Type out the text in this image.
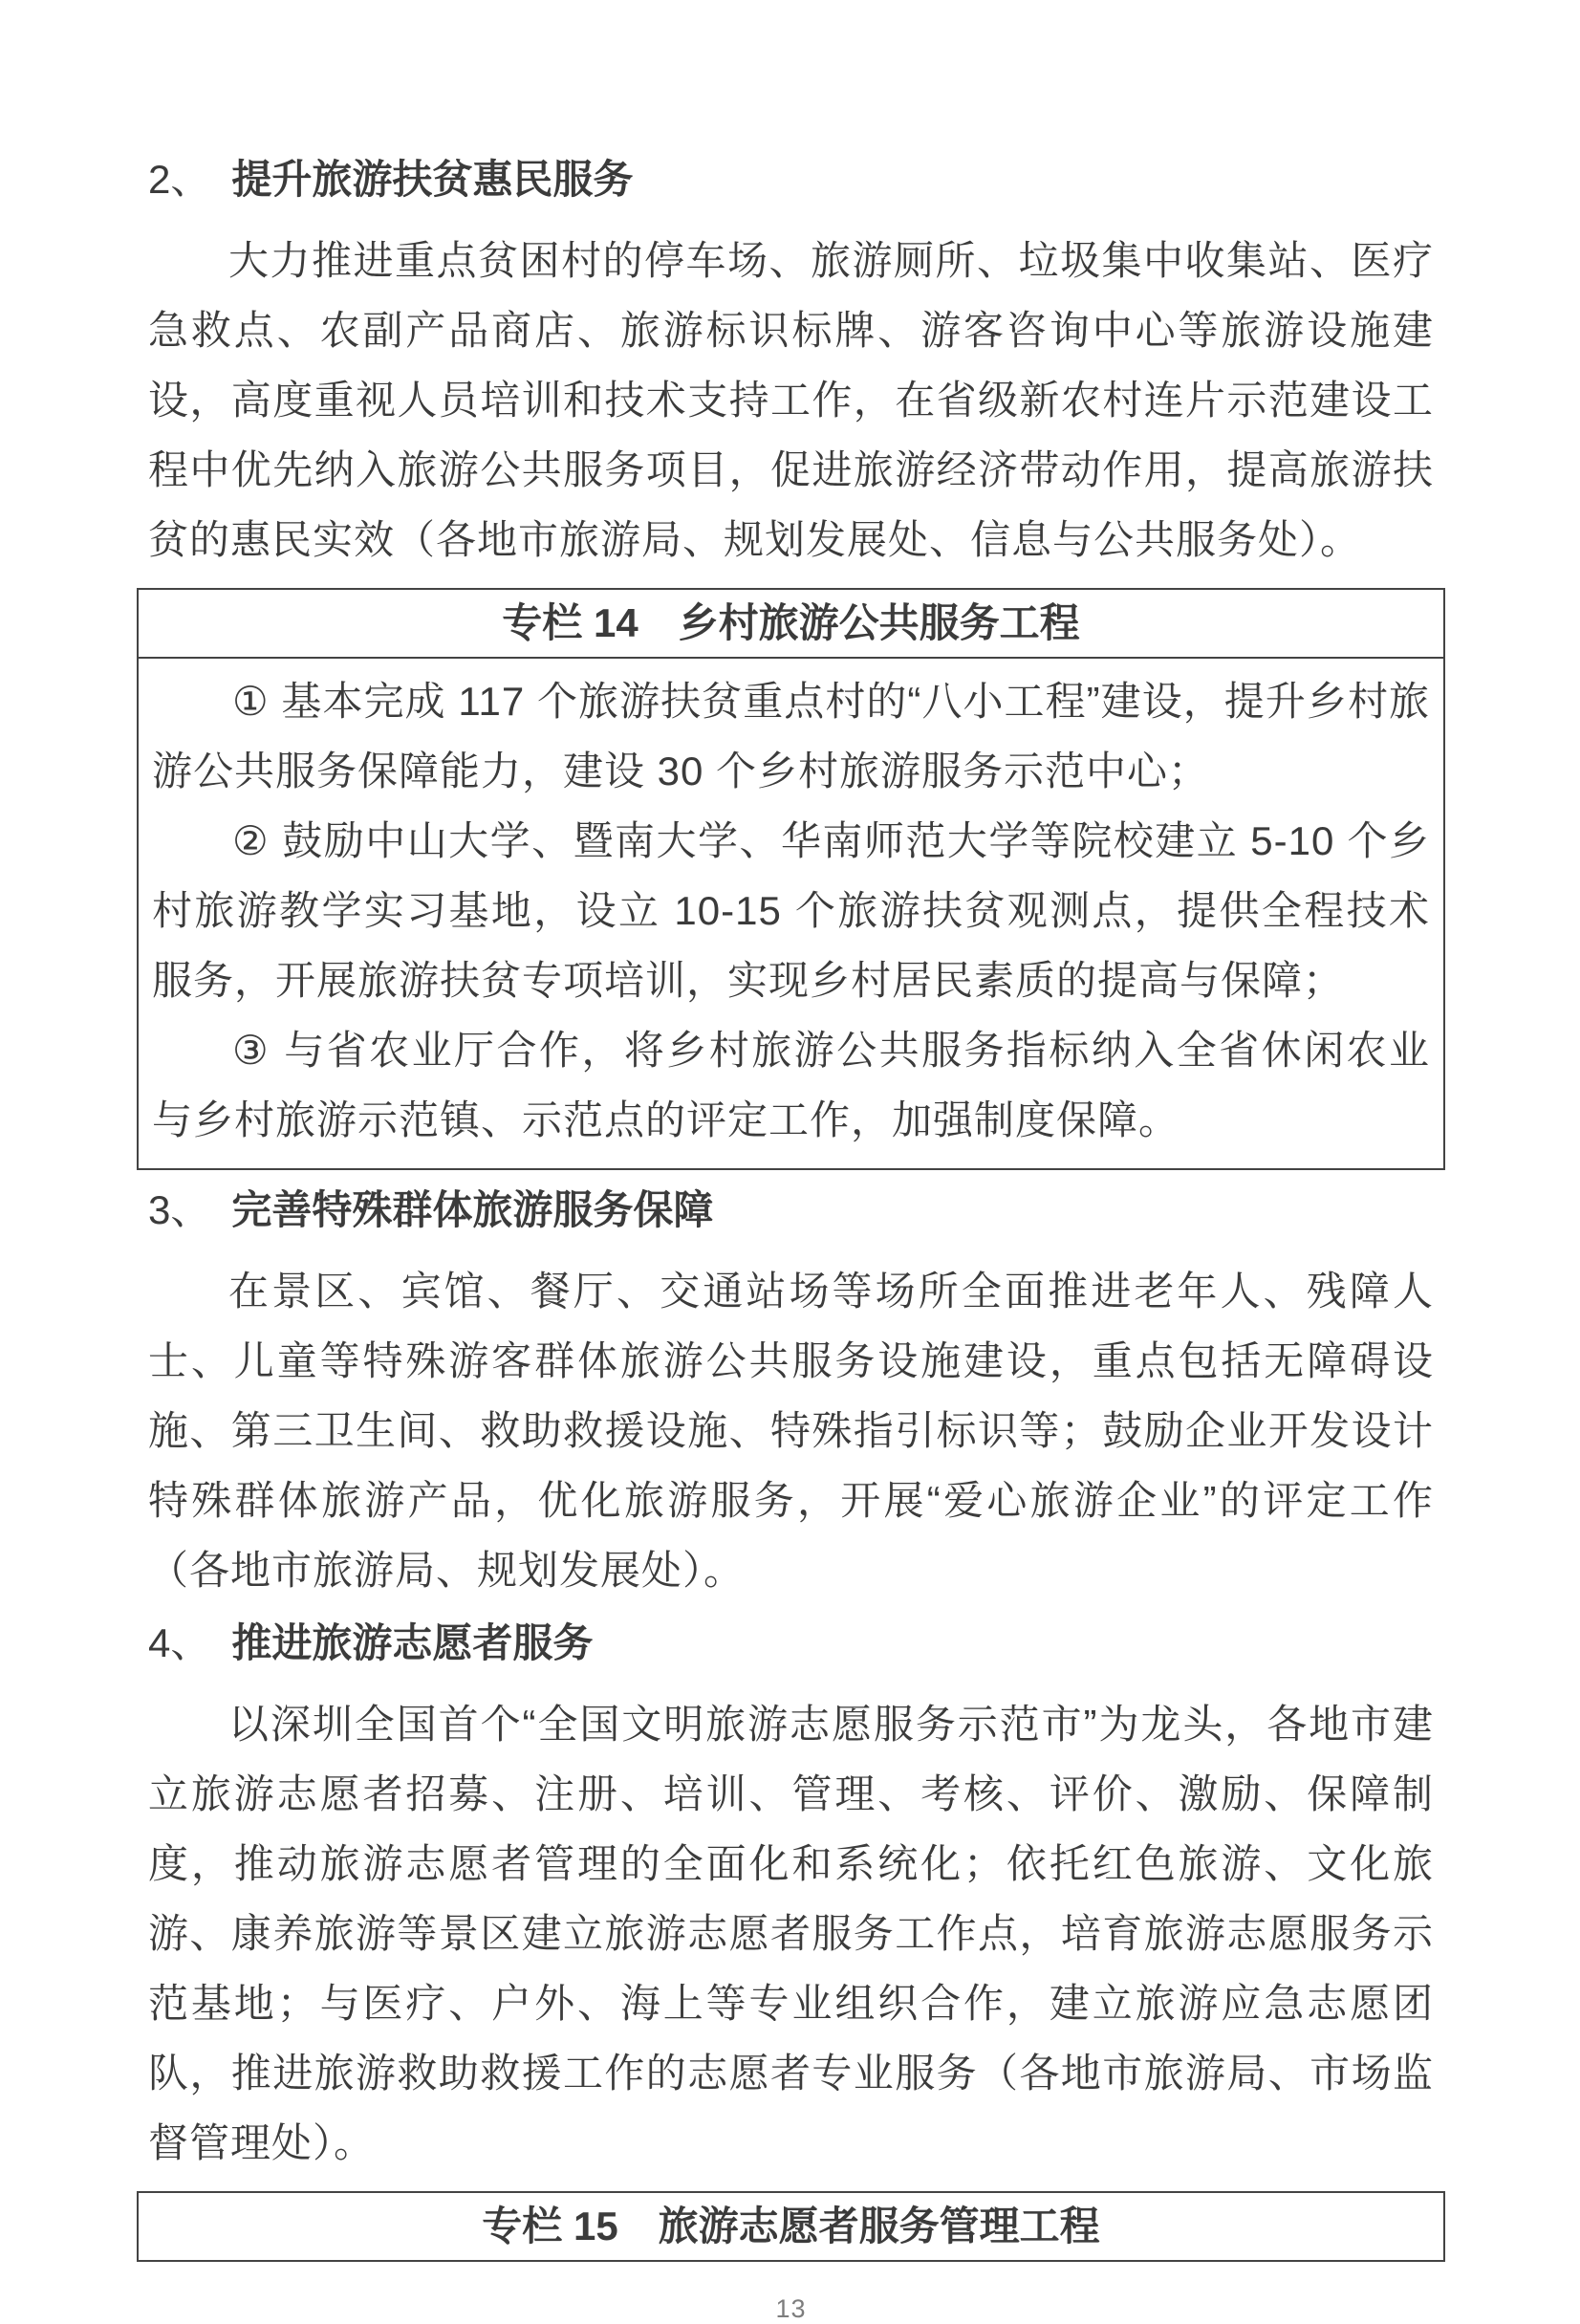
2、 提升旅游扶贫惠民服务

大力推进重点贫困村的停车场、旅游厕所、垃圾集中收集站、医疗急救点、农副产品商店、旅游标识标牌、游客咨询中心等旅游设施建设，高度重视人员培训和技术支持工作，在省级新农村连片示范建设工程中优先纳入旅游公共服务项目，促进旅游经济带动作用，提高旅游扶贫的惠民实效（各地市旅游局、规划发展处、信息与公共服务处）。

专栏 14　乡村旅游公共服务工程

① 基本完成 117 个旅游扶贫重点村的“八小工程”建设，提升乡村旅游公共服务保障能力，建设 30 个乡村旅游服务示范中心；

② 鼓励中山大学、暨南大学、华南师范大学等院校建立 5-10 个乡村旅游教学实习基地，设立 10-15 个旅游扶贫观测点，提供全程技术服务，开展旅游扶贫专项培训，实现乡村居民素质的提高与保障；

③ 与省农业厅合作，将乡村旅游公共服务指标纳入全省休闲农业与乡村旅游示范镇、示范点的评定工作，加强制度保障。

3、 完善特殊群体旅游服务保障

在景区、宾馆、餐厅、交通站场等场所全面推进老年人、残障人士、儿童等特殊游客群体旅游公共服务设施建设，重点包括无障碍设施、第三卫生间、救助救援设施、特殊指引标识等；鼓励企业开发设计特殊群体旅游产品，优化旅游服务，开展“爱心旅游企业”的评定工作（各地市旅游局、规划发展处）。

4、 推进旅游志愿者服务

以深圳全国首个“全国文明旅游志愿服务示范市”为龙头，各地市建立旅游志愿者招募、注册、培训、管理、考核、评价、激励、保障制度，推动旅游志愿者管理的全面化和系统化；依托红色旅游、文化旅游、康养旅游等景区建立旅游志愿者服务工作点，培育旅游志愿服务示范基地；与医疗、户外、海上等专业组织合作，建立旅游应急志愿团队，推进旅游救助救援工作的志愿者专业服务（各地市旅游局、市场监督管理处）。

专栏 15　旅游志愿者服务管理工程
13
